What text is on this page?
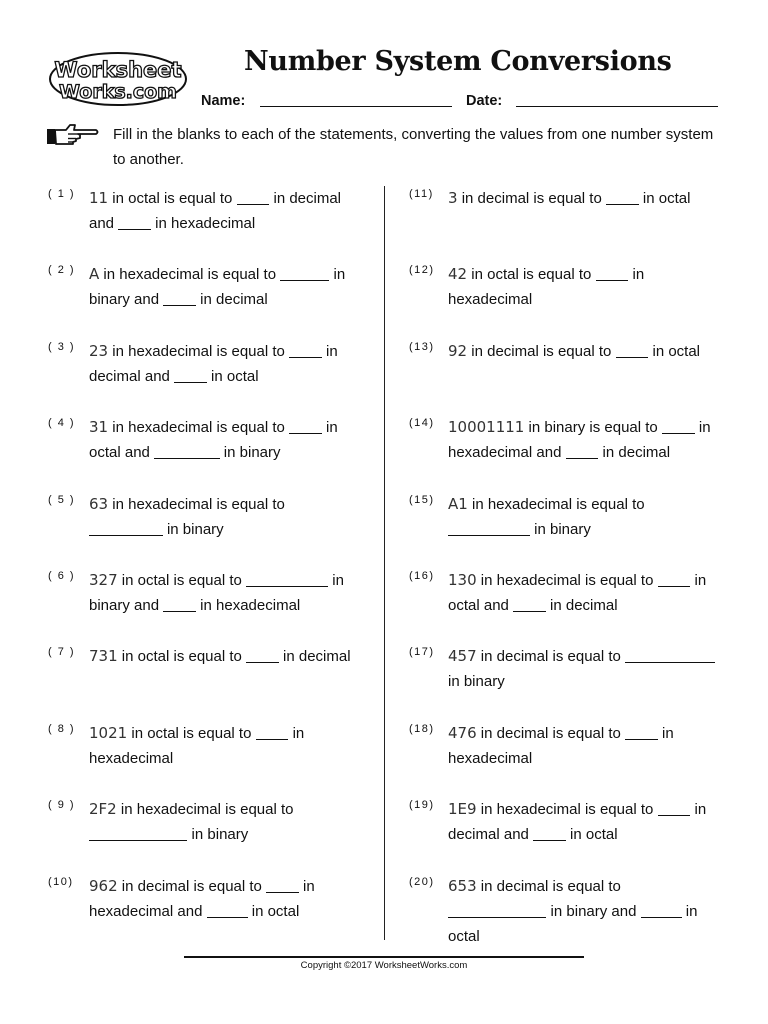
Worksheet
Works.com
Number System Conversions
Name:	Date:
Fill in the blanks to each of the statements, converting the values from one number system to another.
( 1 ) 11 in octal is equal to  in decimal and  in hexadecimal
( 2 ) A in hexadecimal is equal to	in binary and  in decimal
( 3 ) 23 in hexadecimal is equal to  in decimal and  in octal
( 4 ) 31 in hexadecimal is equal to  in octal and	in binary
( 5 ) 63 in hexadecimal is equal to  in binary
( 6 ) 327 in octal is equal to	in binary and  in hexadecimal
( 7 ) 731 in octal is equal to  in decimal
( 8 ) 1021 in octal is equal to  in hexadecimal
( 9 ) 2F2 in hexadecimal is equal to  in binary
(10) 962 in decimal is equal to  in hexadecimal and	in octal
(11) 3 in decimal is equal to  in octal
(12) 42 in octal is equal to  in hexadecimal
(13) 92 in decimal is equal to  in octal
(14) 10001111 in binary is equal to  in hexadecimal and  in decimal
(15) A1 in hexadecimal is equal to  in binary
(16) 130 in hexadecimal is equal to  in octal and  in decimal
(17) 457 in decimal is equal to  in binary
(18) 476 in decimal is equal to  in hexadecimal
(19) 1E9 in hexadecimal is equal to  in decimal and  in octal
(20) 653 in decimal is equal to  in binary and	in octal
Copyright ©2017 WorksheetWorks.com
